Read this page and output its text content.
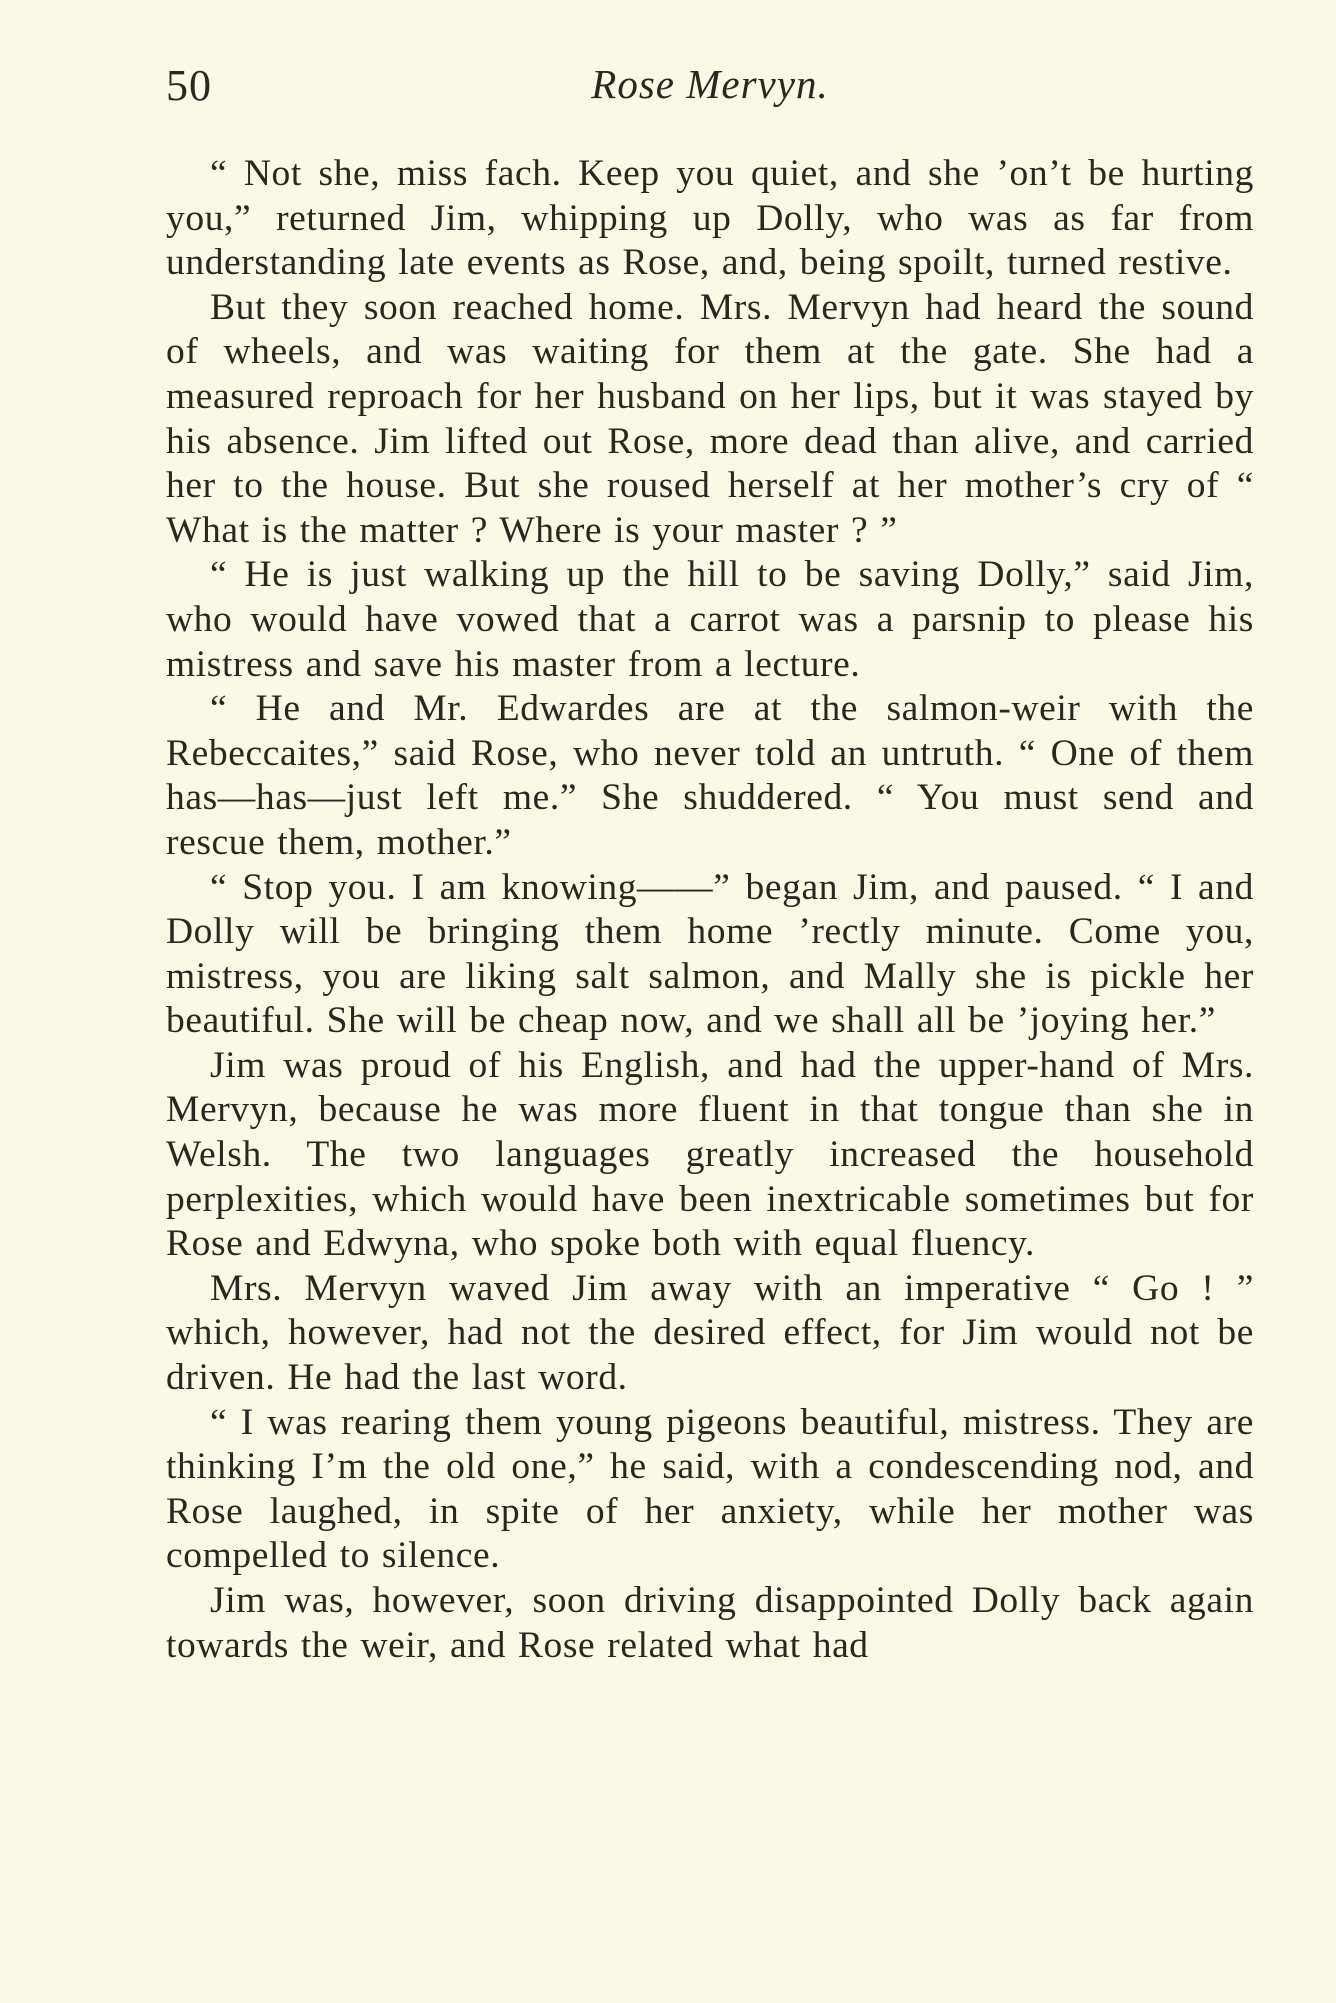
50	Rose Mervyn.

“ Not she, miss fach. Keep you quiet, and she ’on’t be hurting you,” returned Jim, whipping up Dolly, who was as far from understanding late events as Rose, and, being spoilt, turned restive.

But they soon reached home. Mrs. Mervyn had heard the sound of wheels, and was waiting for them at the gate. She had a measured reproach for her husband on her lips, but it was stayed by his absence. Jim lifted out Rose, more dead than alive, and carried her to the house. But she roused herself at her mother’s cry of “ What is the matter ? Where is your master ? ”

“ He is just walking up the hill to be saving Dolly,” said Jim, who would have vowed that a carrot was a parsnip to please his mistress and save his master from a lecture.

“ He and Mr. Edwardes are at the salmon-weir with the Rebeccaites,” said Rose, who never told an untruth. “ One of them has—has—just left me.” She shuddered. “ You must send and rescue them, mother.”

“ Stop you. I am knowing——” began Jim, and paused. “ I and Dolly will be bringing them home ’rectly minute. Come you, mistress, you are liking salt salmon, and Mally she is pickle her beautiful. She will be cheap now, and we shall all be ’joying her.”

Jim was proud of his English, and had the upper-hand of Mrs. Mervyn, because he was more fluent in that tongue than she in Welsh. The two languages greatly increased the household perplexities, which would have been inextricable sometimes but for Rose and Edwyna, who spoke both with equal fluency.

Mrs. Mervyn waved Jim away with an imperative “ Go ! ” which, however, had not the desired effect, for Jim would not be driven. He had the last word.

“ I was rearing them young pigeons beautiful, mistress. They are thinking I’m the old one,” he said, with a condescending nod, and Rose laughed, in spite of her anxiety, while her mother was compelled to silence.

Jim was, however, soon driving disappointed Dolly back again towards the weir, and Rose related what had
